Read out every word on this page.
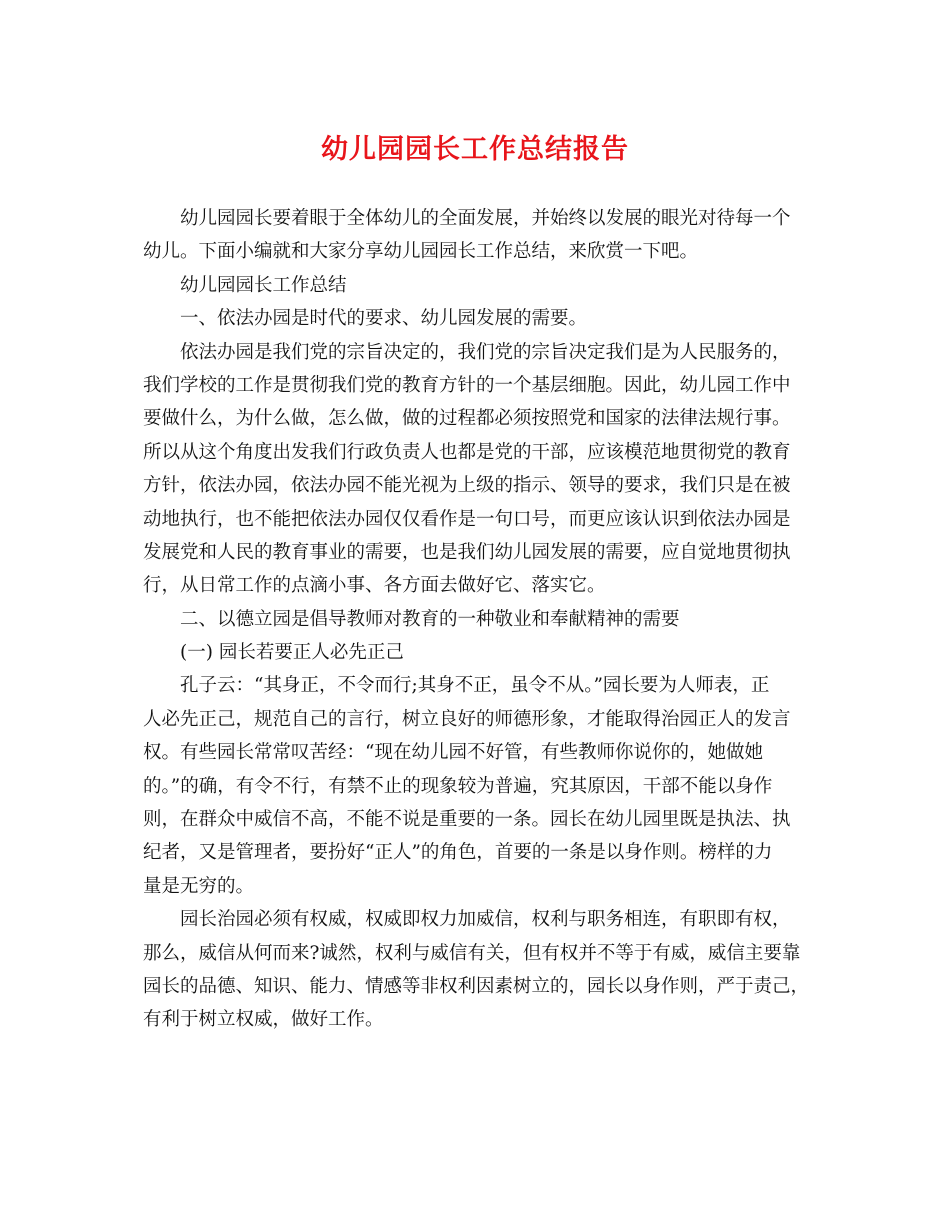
幼儿园园长工作总结报告
幼儿园园长要着眼于全体幼儿的全面发展，并始终以发展的眼光对待每一个
幼儿。下面小编就和大家分享幼儿园园长工作总结，来欣赏一下吧。
幼儿园园长工作总结
一、依法办园是时代的要求、幼儿园发展的需要。
依法办园是我们党的宗旨决定的，我们党的宗旨决定我们是为人民服务的，
我们学校的工作是贯彻我们党的教育方针的一个基层细胞。因此，幼儿园工作中
要做什么，为什么做，怎么做，做的过程都必须按照党和国家的法律法规行事。
所以从这个角度出发我们行政负责人也都是党的干部，应该模范地贯彻党的教育
方针，依法办园，依法办园不能光视为上级的指示、领导的要求，我们只是在被
动地执行，也不能把依法办园仅仅看作是一句口号，而更应该认识到依法办园是
发展党和人民的教育事业的需要，也是我们幼儿园发展的需要，应自觉地贯彻执
行，从日常工作的点滴小事、各方面去做好它、落实它。
二、以德立园是倡导教师对教育的一种敬业和奉献精神的需要
(一) 园长若要正人必先正己
孔子云：“其身正，不令而行;其身不正，虽令不从。”园长要为人师表，正
人必先正己，规范自己的言行，树立良好的师德形象，才能取得治园正人的发言
权。有些园长常常叹苦经：“现在幼儿园不好管，有些教师你说你的，她做她
的。”的确，有令不行，有禁不止的现象较为普遍，究其原因，干部不能以身作
则，在群众中威信不高，不能不说是重要的一条。园长在幼儿园里既是执法、执
纪者，又是管理者，要扮好“正人”的角色，首要的一条是以身作则。榜样的力
量是无穷的。
园长治园必须有权威，权威即权力加威信，权利与职务相连，有职即有权，
那么，威信从何而来?诚然，权利与威信有关，但有权并不等于有威，威信主要靠
园长的品德、知识、能力、情感等非权利因素树立的，园长以身作则，严于责己，
有利于树立权威，做好工作。
